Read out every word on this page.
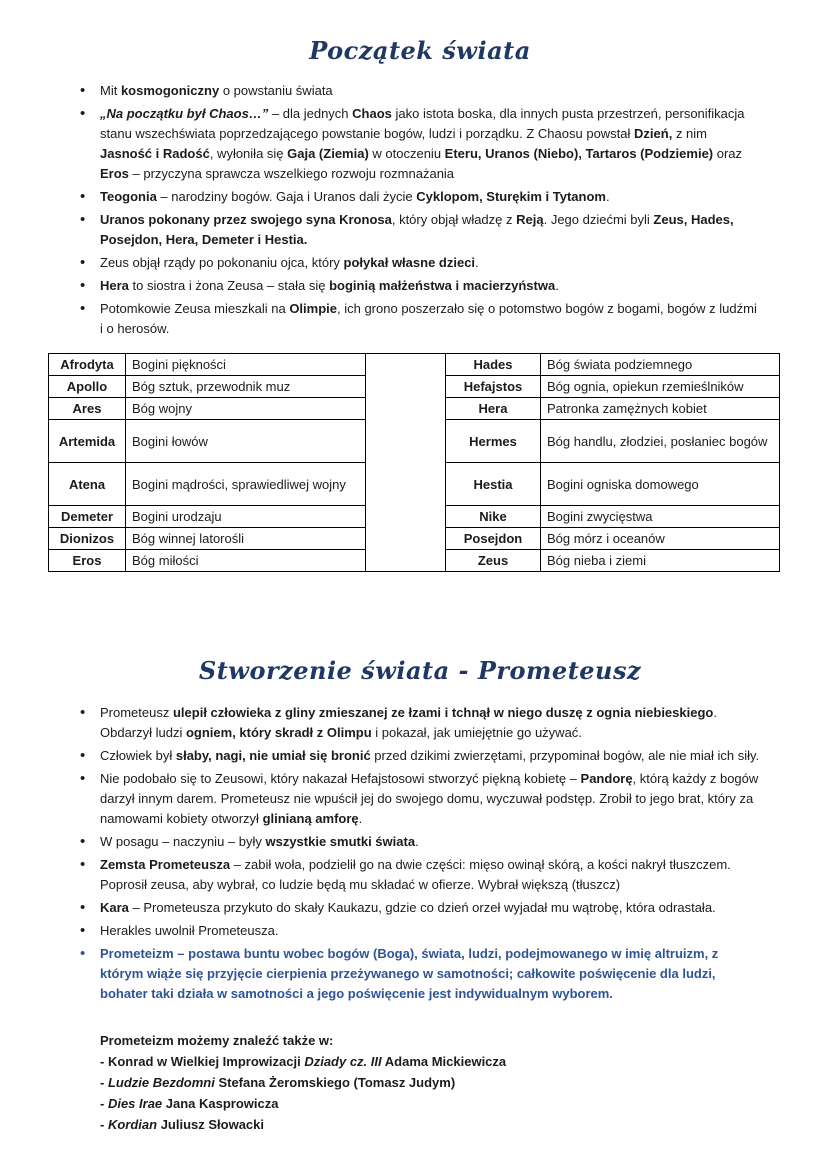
Początek świata
• Mit kosmogoniczny o powstaniu świata
• „Na początku był Chaos…” – dla jednych Chaos jako istota boska, dla innych pusta przestrzeń, personifikacja stanu wszechświata poprzedzającego powstanie bogów, ludzi i porządku. Z Chaosu powstał Dzień, z nim Jasność i Radość, wyłoniła się Gaja (Ziemia) w otoczeniu Eteru, Uranos (Niebo), Tartaros (Podziemie) oraz Eros – przyczyna sprawcza wszelkiego rozwoju rozmnażania
• Teogonia – narodziny bogów. Gaja i Uranos dali życie Cyklopom, Sturękim i Tytanom.
• Uranos pokonany przez swojego syna Kronosa, który objął władzę z Reją. Jego dziećmi byli Zeus, Hades, Posejdon, Hera, Demeter i Hestia.
• Zeus objął rządy po pokonaniu ojca, który połykał własne dzieci.
• Hera to siostra i żona Zeusa – stała się boginią małżeństwa i macierzyństwa.
• Potomkowie Zeusa mieszkali na Olimpie, ich grono poszerzało się o potomstwo bogów z bogami, bogów z ludźmi i o herosów.
Afrodyta	Bogini piękności		Hades	Bóg świata podziemnego
Apollo	Bóg sztuk, przewodnik muz		Hefajstos	Bóg ognia, opiekun rzemieślników
Ares	Bóg wojny		Hera	Patronka zamężnych kobiet
Artemida	Bogini łowów		Hermes	Bóg handlu, złodziei, posłaniec bogów
Atena	Bogini mądrości, sprawiedliwej wojny		Hestia	Bogini ogniska domowego
Demeter	Bogini urodzaju		Nike	Bogini zwycięstwa
Dionizos	Bóg winnej latorośli		Posejdon	Bóg mórz i oceanów
Eros	Bóg miłości		Zeus	Bóg nieba i ziemi
Stworzenie świata - Prometeusz
• Prometeusz ulepił człowieka z gliny zmieszanej ze łzami i tchnął w niego duszę z ognia niebieskiego. Obdarzył ludzi ogniem, który skradł z Olimpu i pokazał, jak umiejętnie go używać.
• Człowiek był słaby, nagi, nie umiał się bronić przed dzikimi zwierzętami, przypominał bogów, ale nie miał ich siły.
• Nie podobało się to Zeusowi, który nakazał Hefajstosowi stworzyć piękną kobietę – Pandorę, którą każdy z bogów darzył innym darem. Prometeusz nie wpuścił jej do swojego domu, wyczuwał podstęp. Zrobił to jego brat, który za namowami kobiety otworzył glinianą amforę.
• W posagu – naczyniu – były wszystkie smutki świata.
• Zemsta Prometeusza – zabił woła, podzielił go na dwie części: mięso owinął skórą, a kości nakrył tłuszczem. Poprosił zeusa, aby wybrał, co ludzie będą mu składać w ofierze. Wybrał większą (tłuszcz)
• Kara – Prometeusza przykuto do skały Kaukazu, gdzie co dzień orzeł wyjadał mu wątrobę, która odrastała.
• Herakles uwolnił Prometeusza.
• Prometeizm – postawa buntu wobec bogów (Boga), świata, ludzi, podejmowanego w imię altruizm, z którym wiąże się przyjęcie cierpienia przeżywanego w samotności; całkowite poświęcenie dla ludzi, bohater taki działa w samotności a jego poświęcenie jest indywidualnym wyborem.

Prometeizm możemy znaleźć także w:

- Konrad w Wielkiej Improwizacji Dziady cz. III Adama Mickiewicza

- Ludzie Bezdomni Stefana Żeromskiego (Tomasz Judym)

- Dies Irae Jana Kasprowicza

- Kordian Juliusz Słowacki
